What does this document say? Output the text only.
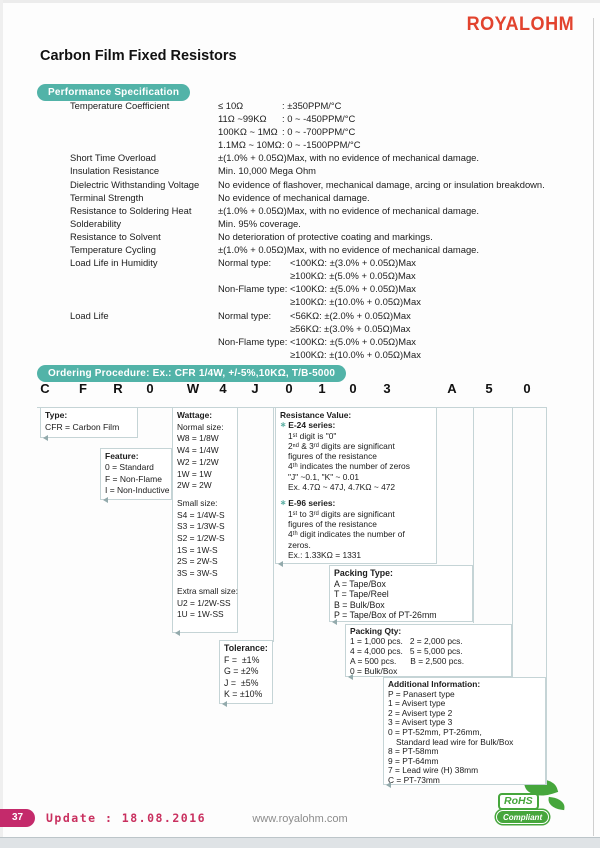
ROYALOHM
Carbon Film Fixed Resistors
Performance Specification
Temperature Coefficient	≤ 10Ω	: ±350PPM/°C
11Ω ~99KΩ : 0 ~ -450PPM/°C
100KΩ ~ 1MΩ : 0 ~ -700PPM/°C
1.1MΩ ~ 10MΩ: 0 ~ -1500PPM/°C
Short Time Overload	±(1.0% + 0.05Ω)Max, with no evidence of mechanical damage.
Insulation Resistance	Min. 10,000 Mega Ohm
Dielectric Withstanding Voltage	No evidence of flashover, mechanical damage, arcing or insulation breakdown.
Terminal Strength	No evidence of mechanical damage.
Resistance to Soldering Heat	±(1.0% + 0.05Ω)Max, with no evidence of mechanical damage.
Solderability	Min. 95% coverage.
Resistance to Solvent	No deterioration of protective coating and markings.
Temperature Cycling	±(1.0% + 0.05Ω)Max, with no evidence of mechanical damage.
Load Life in Humidity	Normal type: <100KΩ: ±(3.0% + 0.05Ω)Max
≥100KΩ: ±(5.0% + 0.05Ω)Max
Non-Flame type: <100KΩ: ±(5.0% + 0.05Ω)Max
≥100KΩ: ±(10.0% + 0.05Ω)Max
Load Life	Normal type: <56KΩ: ±(2.0% + 0.05Ω)Max
≥56KΩ: ±(3.0% + 0.05Ω)Max
Non-Flame type: <100KΩ: ±(5.0% + 0.05Ω)Max
≥100KΩ: ±(10.0% + 0.05Ω)Max
Ordering Procedure: Ex.: CFR 1/4W, +/-5%,10KΩ, T/B-5000
C F R 0	W 4 J 0 1 0 3	A 5 0
Type:
CFR = Carbon Film
Feature:
0 = Standard
F = Non-Flame
I = Non-Inductive
Wattage:
Normal size:
W8 = 1/8W
W4 = 1/4W
W2 = 1/2W
1W = 1W
2W = 2W
Small size:
S4 = 1/4W-S
S3 = 1/3W-S
S2 = 1/2W-S
1S = 1W-S
2S = 2W-S
3S = 3W-S
Extra small size:
U2 = 1/2W-SS
1U = 1W-SS
Tolerance:
F =  ±1%
G = ±2%
J =  ±5%
K = ±10%
Resistance Value:
∗ E-24 series:
1ˢᵗ digit is "0"
2ⁿᵈ & 3ʳᵈ digits are significant
figures of the resistance
4ᵗʰ indicates the number of zeros
"J" ~0.1, "K" ~ 0.01
Ex. 4.7Ω ~ 47J, 4.7KΩ ~ 472
∗ E-96 series:
1ˢᵗ to 3ʳᵈ digits are significant
figures of the resistance
4ᵗʰ digit indicates the number of
zeros.
Ex.: 1.33KΩ = 1331
Packing Type:
A = Tape/Box
T = Tape/Reel
B = Bulk/Box
P = Tape/Box of PT-26mm
Packing Qty:
1 = 1,000 pcs.   2 = 2,000 pcs.
4 = 4,000 pcs.   5 = 5,000 pcs.
A = 500 pcs.      B = 2,500 pcs.
0 = Bulk/Box
Additional Information:
P = Panasert type
1 = Avisert type
2 = Avisert type 2
3 = Avisert type 3
0 = PT-52mm, PT-26mm,
Standard lead wire for Bulk/Box
8 = PT-58mm
9 = PT-64mm
7 = Lead wire (H) 38mm
C = PT-73mm
37	Update : 18.08.2016	www.royalohm.com
RoHS
Compliant
